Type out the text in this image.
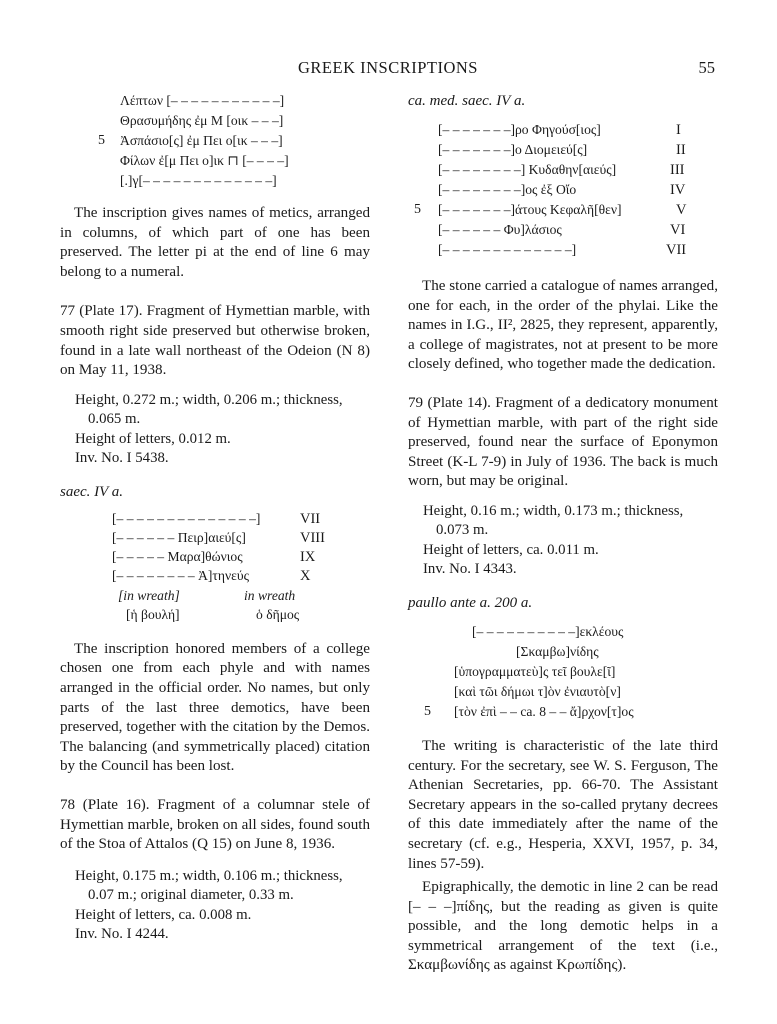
GREEK INSCRIPTIONS	55
Λέπτων [– – – – – – – – – – –]
Θρασυμήδης ἐμ Μ [οικ – – –]
5 Ἀσπάσιο[ς] ἐμ Πει ο[ικ – – –]
Φίλων ἐ[μ Πει ο]ικ ⊓ [– – – –]
[.]γ[– – – – – – – – – – – – –]

The inscription gives names of metics, arranged in columns, of which part of one has been preserved. The letter pi at the end of line 6 may belong to a numeral.

77 (Plate 17). Fragment of Hymettian marble, with smooth right side preserved but otherwise broken, found in a late wall northeast of the Odeion (N 8) on May 11, 1938.

Height, 0.272 m.; width, 0.206 m.; thickness, 0.065 m.

Height of letters, 0.012 m.

Inv. No. I 5438.

saec. IV a.

[– – – – – – – – – – – – – –]	VII
[– – – – – – Πειρ]αιεύ[ς]	VIII
[– – – – – Μαρα]θώνιος	IX
[– – – – – – – – Ἀ]τηνεύς	X
[in wreath]	in wreath
[ἡ βουλή]	ὁ δῆμος

The inscription honored members of a college chosen one from each phyle and with names arranged in the official order. No names, but only parts of the last three demotics, have been preserved, together with the citation by the Demos. The balancing (and symmetrically placed) citation by the Council has been lost.

78 (Plate 16). Fragment of a columnar stele of Hymettian marble, broken on all sides, found south of the Stoa of Attalos (Q 15) on June 8, 1936.

Height, 0.175 m.; width, 0.106 m.; thickness, 0.07 m.; original diameter, 0.33 m.

Height of letters, ca. 0.008 m.

Inv. No. I 4244.

ca. med. saec. IV a.

[– – – – – – –]ρο Φηγούσ[ιος]	I
[– – – – – – –]ο Διομειεύ[ς]	II
[– – – – – – – –] Κυδαθην[αιεύς]	III
[– – – – – – – –]ος ἐξ Οἴο	IV
5 [– – – – – – –]άτους Κεφαλῆ[θεν]	V
[– – – – – – Φυ]λάσιος	VI
[– – – – – – – – – – – – –]	VII

The stone carried a catalogue of names arranged, one for each, in the order of the phylai. Like the names in I.G., II², 2825, they represent, apparently, a college of magistrates, not at present to be more closely defined, who together made the dedication.

79 (Plate 14). Fragment of a dedicatory monument of Hymettian marble, with part of the right side preserved, found near the surface of Eponymon Street (K-L 7-9) in July of 1936. The back is much worn, but may be original.

Height, 0.16 m.; width, 0.173 m.; thickness, 0.073 m.

Height of letters, ca. 0.011 m.

Inv. No. I 4343.

paullo ante a. 200 a.

[– – – – – – – – – –]εκλέους
[Σκαμβω]νίδης
[ὑπογραμματεὺ]ς τεῖ βουλε[ῖ]
[καὶ τῶι δήμωι τ]ὸν ἐνιαυτὸ[ν]
5 [τὸν ἐπὶ – – ca. 8 – – ἄ]ρχον[τ]ος

The writing is characteristic of the late third century. For the secretary, see W. S. Ferguson, The Athenian Secretaries, pp. 66-70. The Assistant Secretary appears in the so-called prytany decrees of this date immediately after the name of the secretary (cf. e.g., Hesperia, XXVI, 1957, p. 34, lines 57-59).

Epigraphically, the demotic in line 2 can be read [– – –]πίδης, but the reading as given is quite possible, and the long demotic helps in a symmetrical arrangement of the text (i.e., Σκαμβωνίδης as against Κρωπίδης).
